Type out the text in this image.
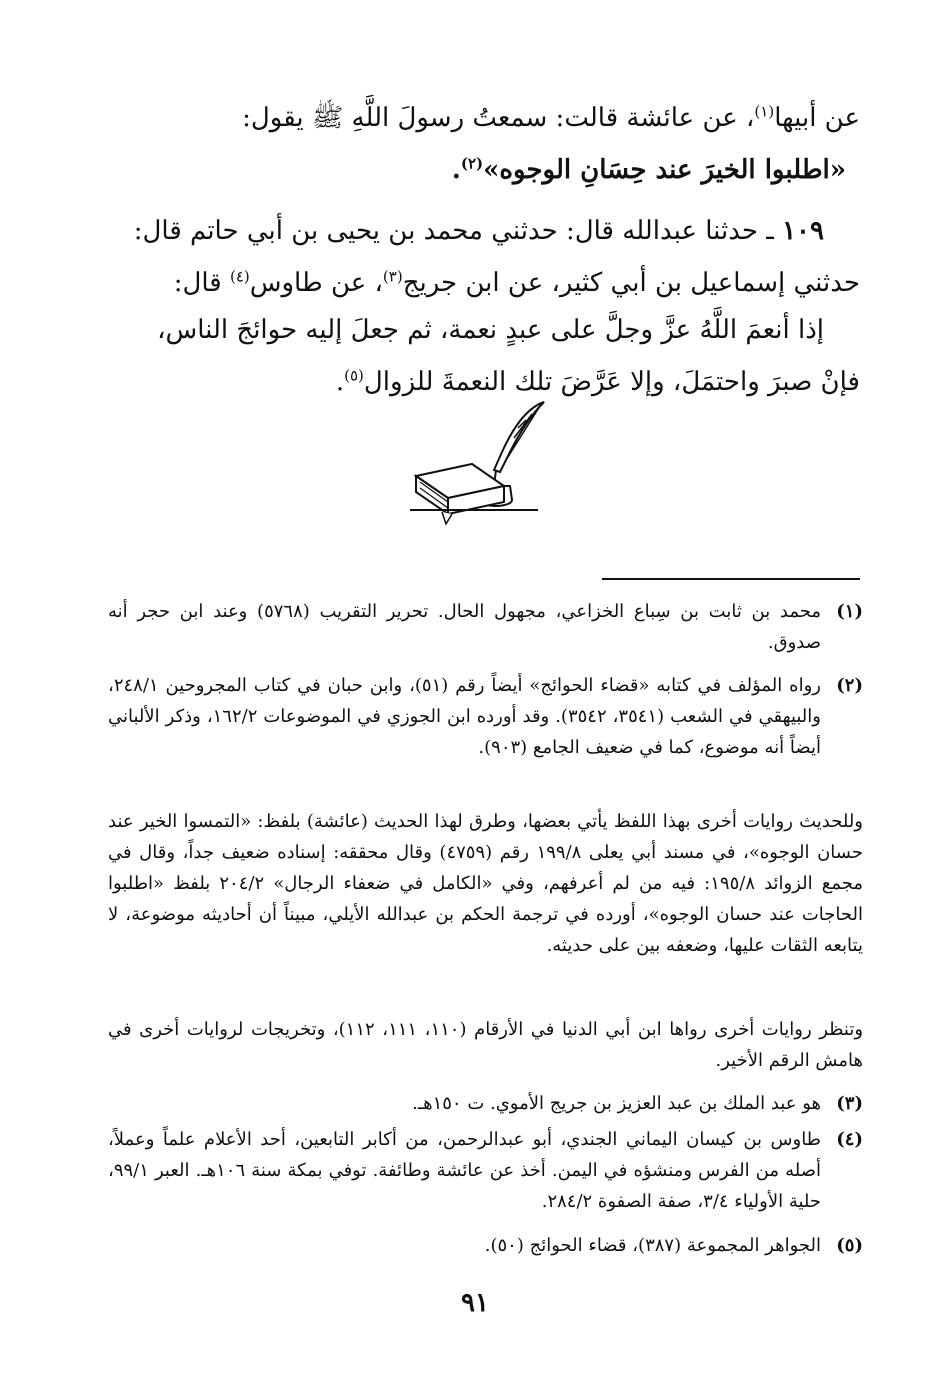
عن أبيها$^{(١)}$، عن عائشة قالت: سمعتُ رسولَ اللَّهِ ﷺ يقول:
«اطلبوا الخيرَ عند حِسَانِ الوجوه»$^{(٢)}$.
١٠٩ ـ حدثنا عبدالله قال: حدثني محمد بن يحيى بن أبي حاتم قال:
حدثني إسماعيل بن أبي كثير، عن ابن جريج$^{(٣)}$، عن طاوس$^{(٤)}$ قال:
إذا أنعمَ اللَّهُ عزَّ وجلَّ على عبدٍ نعمة، ثم جعلَ إليه حوائجَ الناس،
فإنْ صبرَ واحتمَلَ، وإلا عَرَّضَ تلك النعمةَ للزوال$^{(٥)}$.
(١)
محمد بن ثابت بن سِباع الخزاعي، مجهول الحال. تحرير التقريب (٥٧٦٨) وعند ابن حجر أنه صدوق.
(٢)
رواه المؤلف في كتابه «قضاء الحوائج» أيضاً رقم (٥١)، وابن حبان في كتاب المجروحين ٢٤٨/١، والبيهقي في الشعب (٣٥٤١، ٣٥٤٢). وقد أورده ابن الجوزي في الموضوعات ١٦٢/٢، وذكر الألباني أيضاً أنه موضوع، كما في ضعيف الجامع (٩٠٣).

وللحديث روايات أخرى بهذا اللفظ يأتي بعضها، وطرق لهذا الحديث (عائشة) بلفظ: «التمسوا الخير عند حسان الوجوه»، في مسند أبي يعلى ١٩٩/٨ رقم (٤٧٥٩) وقال محققه: إسناده ضعيف جداً، وقال في مجمع الزوائد ١٩٥/٨: فيه من لم أعرفهم، وفي «الكامل في ضعفاء الرجال» ٢٠٤/٢ بلفظ «اطلبوا الحاجات عند حسان الوجوه»، أورده في ترجمة الحكم بن عبدالله الأيلي، مبيناً أن أحاديثه موضوعة، لا يتابعه الثقات عليها، وضعفه بين على حديثه.

وتنظر روايات أخرى رواها ابن أبي الدنيا في الأرقام (١١٠، ١١١، ١١٢)، وتخريجات لروايات أخرى في هامش الرقم الأخير.

(٣)
هو عبد الملك بن عبد العزيز بن جريج الأموي. ت ١٥٠هـ.
(٤)
طاوس بن كيسان اليماني الجندي، أبو عبدالرحمن، من أكابر التابعين، أحد الأعلام علماً وعملاً، أصله من الفرس ومنشؤه في اليمن. أخذ عن عائشة وطائفة. توفي بمكة سنة ١٠٦هـ. العبر ٩٩/١، حلية الأولياء ٣/٤، صفة الصفوة ٢٨٤/٢.
(٥)
الجواهر المجموعة (٣٨٧)، قضاء الحوائج (٥٠).
٩١
